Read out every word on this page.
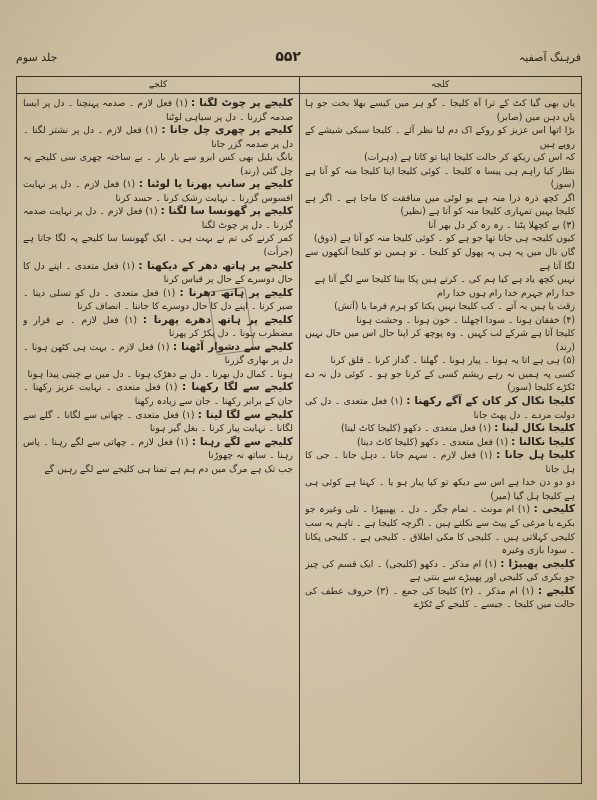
فرہنگ آصفیہ
۵۵۲
جلد سوم
کلجہ
کلجے

یاں بھی گیا کٹ کے ترا آہ کلیجا ۔ گو ہر میں کیسے بھلا بخت جو ہا یاں دہن میں (صابر)

بڑا اتھا اس عزیز کو روکے اک دم لیا نظر آئے ۔ کلیجا سبکی شیشے کے روپے ہیں

کہ اس کی ریکھ کر حالت کلیجا اپنا تو کاتا ہے (دہرات)

نظار کیا راہم ہی پیسا ہ کلیجا ۔ کوئی کلیجا اپنا کلیجا منہ کو آتا ہے (سوز)

اگر کچھ ذرہ ذرا منہ ہے یو لوٹی میں منافقت کا ماجا ہے ۔ اگر ہے کلیجا یہیں تمہاری کلیجا منہ کو آتا ہے (نظیر)

(۳) بے کچھلا پٹنا ۔ رہ رہ کر دل بھر آنا

کیوں کلیجہ ہی جاتا تھا جو ہے کو ۔ کوئی کلیجا منہ کو آتا ہے (ذوق)

گاں نال میں پہ ہی پہ پھول کو کلیجا ۔ تو ہمیں تو کلیجا آنکھوں سے لگا آتا ہے

نہیں کچھ یاد ہے کیا ہم کی ۔ کرتے ہیں پکا بیتا کلیجا سے لگے آتا ہے

خدا رام جہرم خدا رام ہوں خدا رام

زقت یا ہیں بہ آتے ۔ کب کلیجا نہیں پکتا کو ہرم فرما یا (آتش)

(۴) خفقان ہونا ۔ سودا اچھلنا ۔ خون ہونا ۔ وحشت ہونا

کلیجا آتا ہے شرکے لب کہیں ۔ وہ پوچھ کر اپنا حال اس میں حال نہیں (رند)

(۵) ہی ہے اتا یہ ہونا ۔ پیار ہونا ۔ گھلنا ۔ گداز کرنا ۔ قلق کرنا

کسی پہ ہمیں نہ رہے ریشم کسی کے کرنا جو ہو ۔ کوئی دل نہ دے ٹکڑے کلیجا (سوز)

کلیجا نکال کر کان کے آگے رکھنا : (۱) فعل متعدی ۔ دل کی دولت مردے ۔ دل پھٹ جانا

کلیجا نکال لینا : (۱) فعل متعدی ۔ دکھو (کلیجا کاٹ لینا)

کلیجا نکالنا : (۱) فعل متعدی ۔ دکھو (کلیجا کاٹ دینا)

کلیجا ہل جانا : (۱) فعل لازم ۔ سہم جانا ۔ دہل جانا ۔ جی کا ہل جانا

دو دو دن خدا ہے اس سے دیکھ تو کپا پیار ہو یا ۔ کہتا ہے کوئی ہی ہے کلیجا ہل گیا (میر)

کلیجی : (۱) ام مونث ۔ تمام جگر ۔ دل ۔ پھیپھڑا ۔ تلی وغیرہ جو بکرے یا مرغی کے پیٹ سے نکلتے ہیں ۔ اگرچہ کلیجا ہے ۔ تاہم یہ سب کلیجی کہلاتی ہیں ۔ کلیجی کا مکی اطلاق ۔ کلیجی ہے ۔ کلیجی پکانا ۔ سودا بازی وغیرہ

کلیجی پھیپڑا : (۱) ام مذکر ۔ دکھو (کلیجی) ۔ ایک قسم کی چیز جو بکری کی کلیجی اور پھیپڑے سے بنتی ہے

کلیجے : (۱) ام مذکر ۔ (۲) کلیجا کی جمع ۔ (۳) حروف عطف کی حالت میں کلیجا ۔ جیسے ۔ کلیجے کے ٹکڑے

کلیجے پر چوٹ لگنا : (۱) فعل لازم ۔ صدمہ پہنچنا ۔ دل پر ایسا صدمہ گزرنا ۔ دل پر سیاہی لوٹنا

کلیجے پر چھری چل جانا : (۱) فعل لازم ۔ دل پر نشتر لگنا ۔ دل پر صدمہ گزر جانا

بانگ بلبل بھی کس ابرو سے بار بار ۔ بے ساختہ چھری سی کلیجے پہ چل گئی (رند)

کلیجے پر سانپ پھرنا یا لوٹنا : (۱) فعل لازم ۔ دل پر نہایت افسوس گزرنا ۔ نہایت رشک کرنا ۔ حسد کرنا

کلیجے پر گھونسا سا لگنا : (۱) فعل لازم ۔ دل پر نہایت صدمہ گزرنا ۔ دل پر چوٹ لگنا

کمر کرنے کی تم نے بہت ہی ۔ ایک گھونسا سا کلیجے پہ لگا جاتا ہے (جرأت)

کلیجے پر ہاتھ دھر کے دیکھنا : (۱) فعل متعدی ۔ اپنے دل کا حال دوسرے کے حال پر قیاس کرنا

کلیجے پر ہاتھ دھرنا : (۱) فعل متعدی ۔ دل کو تسلی دینا ۔ صبر کرنا ۔ اپنے دل کا حال دوسرے کا جاننا ۔ انصاف کرنا

کلیجے پر ہاتھ دھرے پھرنا : (۱) فعل لازم ۔ بے قرار و مضطرب ہونا ۔ دل پکڑ کر پھرنا

کلیجے سے دشوار آٹھنا : (۱) فعل لازم ۔ بہت ہی کٹھن ہونا ۔ دل پر بھاری گزرنا

ہونا ۔ کمال دل بھرنا ۔ دل بے دھڑک ہونا ۔ دل میں بے چینی پیدا ہونا

کلیجے سے لگا رکھنا : (۱) فعل متعدی ۔ نہایت عزیز رکھنا ۔ جان کے برابر رکھنا ۔ جان سے زیادہ رکھنا

کلیجے سے لگا لینا : (۱) فعل متعدی ۔ چھاتی سے لگانا ۔ گلے سے لگانا ۔ نہایت پیار کرنا ۔ بغل گیر ہونا

کلیجے سے لگے رہنا : (۱) فعل لازم ۔ چھاتی سے لگے رہنا ۔ پاس رہنا ۔ ساتھ نہ چھوڑنا

جب تک ہے مرگ میں دم ہم ہے تمنا ہی کلیجے سے لگے رہیں گے
